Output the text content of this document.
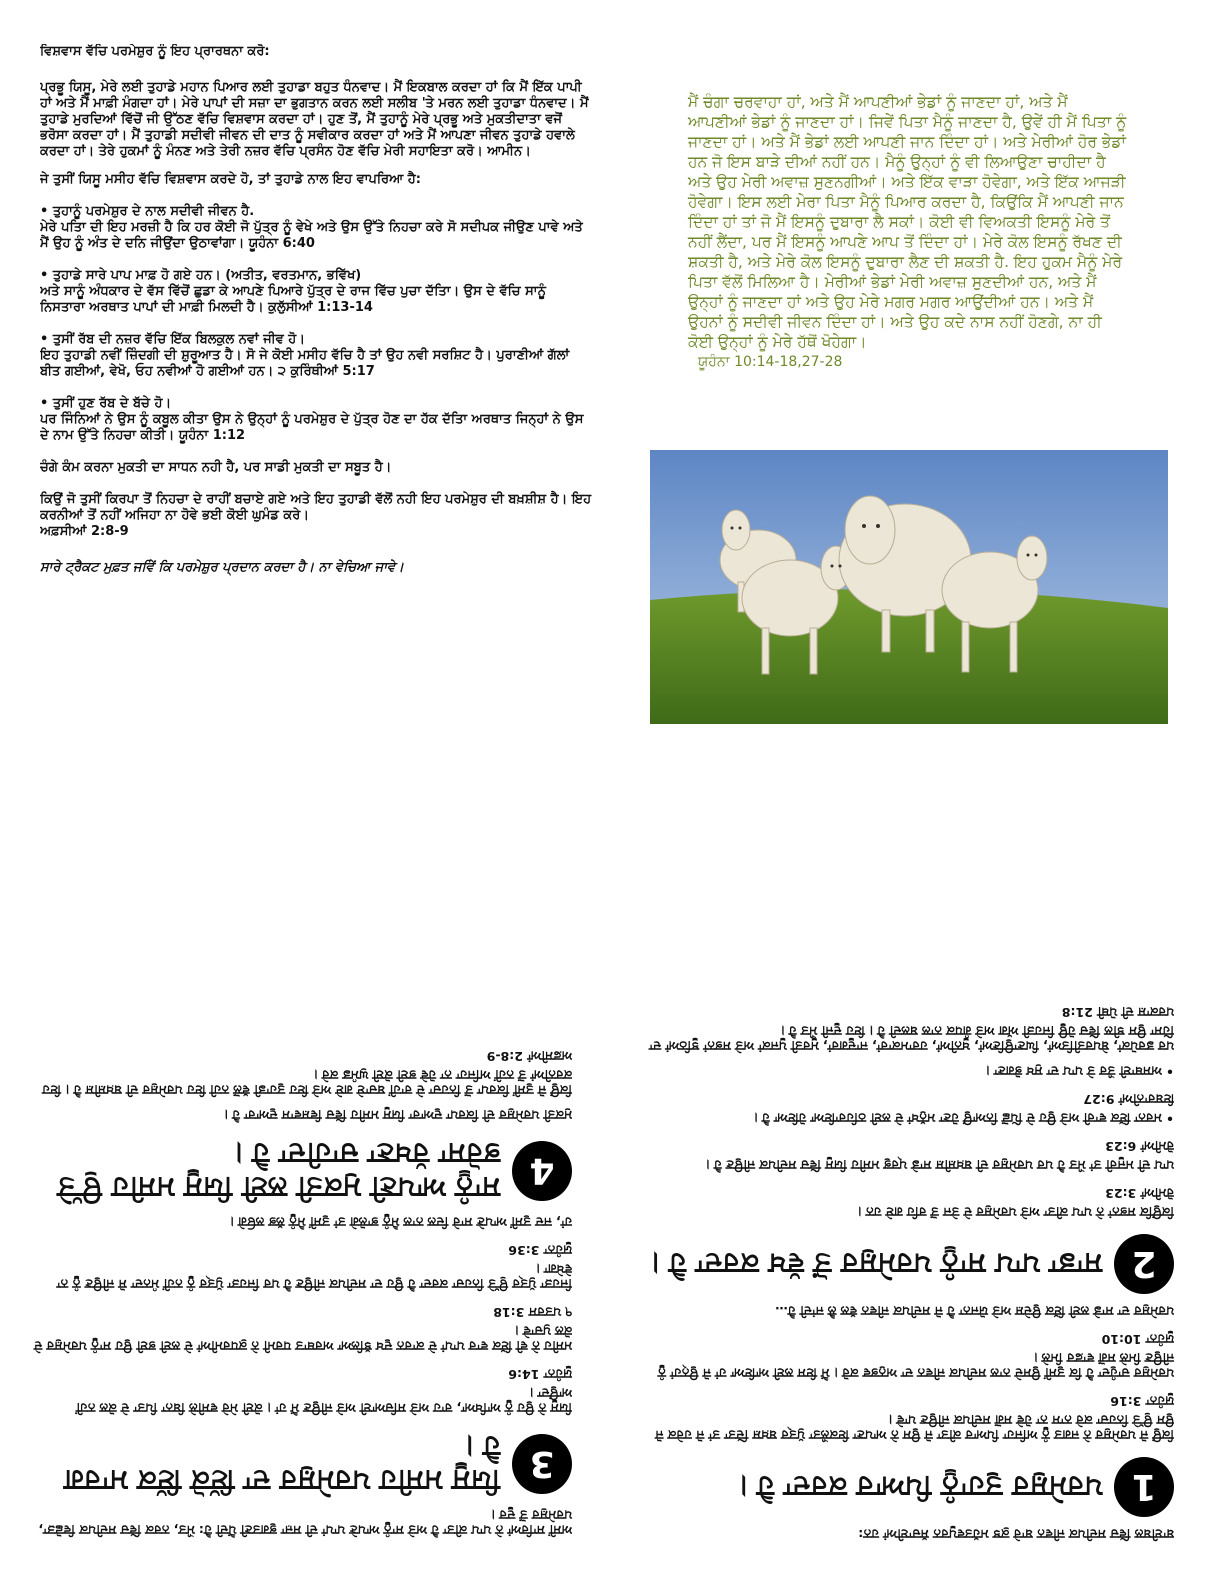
ਵਿਸ਼ਵਾਸ ਵੱਚਿ ਪਰਮੇਸ਼ੁਰ ਨੂੰ ਇਹ ਪ੍ਰਾਰਥਨਾ ਕਰੋ:

ਪ੍ਰਭੂ ਯਿਸੂ, ਮੇਰੇ ਲਈ ਤੁਹਾਡੇ ਮਹਾਨ ਪਿਆਰ ਲਈ ਤੁਹਾਡਾ ਬਹੁਤ ਧੰਨਵਾਦ। ਮੈਂ ਇਕਬਾਲ ਕਰਦਾ ਹਾਂ ਕਿ ਮੈਂ ਇੱਕ ਪਾਪੀ ਹਾਂ ਅਤੇ ਮੈਂ ਮਾਫ਼ੀ ਮੰਗਦਾ ਹਾਂ। ਮੇਰੇ ਪਾਪਾਂ ਦੀ ਸਜ਼ਾ ਦਾ ਭੁਗਤਾਨ ਕਰਨ ਲਈ ਸਲੀਬ 'ਤੇ ਮਰਨ ਲਈ ਤੁਹਾਡਾ ਧੰਨਵਾਦ। ਮੈਂ ਤੁਹਾਡੇ ਮੁਰਦਿਆਂ ਵਿੱਚੋਂ ਜੀ ਉੱਠਣ ਵੱਚਿ ਵਿਸ਼ਵਾਸ ਕਰਦਾ ਹਾਂ। ਹੁਣ ਤੋਂ, ਮੈਂ ਤੁਹਾਨੂੰ ਮੇਰੇ ਪ੍ਰਭੂ ਅਤੇ ਮੁਕਤੀਦਾਤਾ ਵਜੋਂ ਭਰੋਸਾ ਕਰਦਾ ਹਾਂ। ਮੈਂ ਤੁਹਾਡੀ ਸਦੀਵੀ ਜੀਵਨ ਦੀ ਦਾਤ ਨੂੰ ਸਵੀਕਾਰ ਕਰਦਾ ਹਾਂ ਅਤੇ ਮੈਂ ਆਪਣਾ ਜੀਵਨ ਤੁਹਾਡੇ ਹਵਾਲੇ ਕਰਦਾ ਹਾਂ। ਤੇਰੇ ਹੁਕਮਾਂ ਨੂੰ ਮੰਨਣ ਅਤੇ ਤੇਰੀ ਨਜ਼ਰ ਵੱਚਿ ਪ੍ਰਸੰਨ ਹੋਣ ਵੱਚਿ ਮੇਰੀ ਸਹਾਇਤਾ ਕਰੋ। ਆਮੀਨ।

ਜੇ ਤੁਸੀਂ ਯਿਸੂ ਮਸੀਹ ਵੱਚਿ ਵਿਸ਼ਵਾਸ ਕਰਦੇ ਹੋ, ਤਾਂ ਤੁਹਾਡੇ ਨਾਲ ਇਹ ਵਾਪਰਿਆ ਹੈ:

• ਤੁਹਾਨੂੰ ਪਰਮੇਸ਼ੁਰ ਦੇ ਨਾਲ ਸਦੀਵੀ ਜੀਵਨ ਹੈ.

ਮੇਰੇ ਪਤਿਾ ਦੀ ਇਹ ਮਰਜ਼ੀ ਹੈ ਕਿ ਹਰ ਕੋਈ ਜੋ ਪੁੱਤ੍ਰ ਨੂੰ ਵੇਖੇ ਅਤੇ ਉਸ ਉੱਤੇ ਨਿਹਚਾ ਕਰੇ ਸੋ ਸਦੀਪਕ ਜੀਉਣ ਪਾਵੇ ਅਤੇ ਮੈਂ ਉਹ ਨੂੰ ਅੰਤ ਦੇ ਦਨਿ ਜੀਉਂਦਾ ਉਠਾਵਾਂਗਾ। ਯੂਹੰਨਾ 6:40

• ਤੁਹਾਡੇ ਸਾਰੇ ਪਾਪ ਮਾਫ਼ ਹੋ ਗਏ ਹਨ। (ਅਤੀਤ, ਵਰਤਮਾਨ, ਭਵਿੱਖ)

ਅਤੇ ਸਾਨੂੰ ਅੰਧਕਾਰ ਦੇ ਵੱਸ ਵਿੱਚੋਂ ਛੁਡਾ ਕੇ ਆਪਣੇ ਪਿਆਰੇ ਪੁੱਤ੍ਰ ਦੇ ਰਾਜ ਵਿੱਚ ਪੁਚਾ ਦੱਤਿਾ। ਉਸ ਦੇ ਵੱਚਿ ਸਾਨੂੰ ਨਿਸਤਾਰਾ ਅਰਥਾਤ ਪਾਪਾਂ ਦੀ ਮਾਫ਼ੀ ਮਿਲਦੀ ਹੈ। ਕੁਲੁੱਸੀਆਂ 1:13-14

• ਤੁਸੀਂ ਰੱਬ ਦੀ ਨਜ਼ਰ ਵੱਚਿ ਇੱਕ ਬਿਲਕੁਲ ਨਵਾਂ ਜੀਵ ਹੋ।

ਇਹ ਤੁਹਾਡੀ ਨਵੀਂ ਜ਼ਿੰਦਗੀ ਦੀ ਸ਼ੁਰੂਆਤ ਹੈ। ਸੋ ਜੇ ਕੋਈ ਮਸੀਹ ਵੱਚਿ ਹੈ ਤਾਂ ਉਹ ਨਵੀ ਸਰਸ਼ਿਟ ਹੈ। ਪੁਰਾਣੀਆਂ ਗੱਲਾਂ ਬੀਤ ਗਈਆਂ, ਵੇਖੋ, ਓਹ ਨਵੀਆਂ ਹੋ ਗਈਆਂ ਹਨ। ੨ ਕੁਰਿੰਥੀਆਂ 5:17

• ਤੁਸੀਂ ਹੁਣ ਰੱਬ ਦੇ ਬੱਚੇ ਹੋ।

ਪਰ ਜਿੰਨਿਆਂ ਨੇ ਉਸ ਨੂੰ ਕਬੂਲ ਕੀਤਾ ਉਸ ਨੇ ਉਨ੍ਹਾਂ ਨੂੰ ਪਰਮੇਸ਼ੁਰ ਦੇ ਪੁੱਤ੍ਰ ਹੋਣ ਦਾ ਹੱਕ ਦੱਤਿਾ ਅਰਥਾਤ ਜਿਨ੍ਹਾਂ ਨੇ ਉਸ ਦੇ ਨਾਮ ਉੱਤੇ ਨਿਹਚਾ ਕੀਤੀ। ਯੂਹੰਨਾ 1:12

ਚੰਗੇ ਕੰਮ ਕਰਨਾ ਮੁਕਤੀ ਦਾ ਸਾਧਨ ਨਹੀ ਹੈ, ਪਰ ਸਾਡੀ ਮੁਕਤੀ ਦਾ ਸਬੂਤ ਹੈ।

ਕਿਉਂ ਜੋ ਤੁਸੀਂ ਕਿਰਪਾ ਤੋਂ ਨਿਹਚਾ ਦੇ ਰਾਹੀਂ ਬਚਾਏ ਗਏ ਅਤੇ ਇਹ ਤੁਹਾਡੀ ਵੱਲੋਂ ਨਹੀ ਇਹ ਪਰਮੇਸ਼ੁਰ ਦੀ ਬਖ਼ਸ਼ੀਸ਼ ਹੈ। ਇਹ ਕਰਨੀਆਂ ਤੋਂ ਨਹੀਂ ਅਜਿਹਾ ਨਾ ਹੋਵੇ ਭਈ ਕੋਈ ਘੁਮੰਡ ਕਰੇ।

ਅਫ਼ਸੀਆਂ 2:8-9

ਸਾਰੇ ਟ੍ਰੈਕਟ ਮੁਫ਼ਤ ਜਵਿੇਂ ਕਿ ਪਰਮੇਸ਼ੁਰ ਪ੍ਰਦਾਨ ਕਰਦਾ ਹੈ। ਨਾ ਵੇਚਿਆ ਜਾਵੇ।

ਮੈਂ ਚੰਗਾ ਚਰਵਾਹਾ ਹਾਂ, ਅਤੇ ਮੈਂ ਆਪਣੀਆਂ ਭੇਡਾਂ ਨੂੰ ਜਾਣਦਾ ਹਾਂ, ਅਤੇ ਮੈਂ ਆਪਣੀਆਂ ਭੇਡਾਂ ਨੂੰ ਜਾਣਦਾ ਹਾਂ। ਜਿਵੇਂ ਪਿਤਾ ਮੈਨੂੰ ਜਾਣਦਾ ਹੈ, ਉਵੇਂ ਹੀ ਮੈਂ ਪਿਤਾ ਨੂੰ ਜਾਣਦਾ ਹਾਂ। ਅਤੇ ਮੈਂ ਭੇਡਾਂ ਲਈ ਆਪਣੀ ਜਾਨ ਦਿੰਦਾ ਹਾਂ। ਅਤੇ ਮੇਰੀਆਂ ਹੋਰ ਭੇਡਾਂ ਹਨ ਜੋ ਇਸ ਬਾੜੇ ਦੀਆਂ ਨਹੀਂ ਹਨ। ਮੈਨੂੰ ਉਨ੍ਹਾਂ ਨੂੰ ਵੀ ਲਿਆਉਣਾ ਚਾਹੀਦਾ ਹੈ ਅਤੇ ਉਹ ਮੇਰੀ ਅਵਾਜ਼ ਸੁਣਨਗੀਆਂ। ਅਤੇ ਇੱਕ ਵਾੜਾ ਹੋਵੇਗਾ, ਅਤੇ ਇੱਕ ਆਜੜੀ ਹੋਵੇਗਾ। ਇਸ ਲਈ ਮੇਰਾ ਪਿਤਾ ਮੈਨੂੰ ਪਿਆਰ ਕਰਦਾ ਹੈ, ਕਿਉਂਕਿ ਮੈਂ ਆਪਣੀ ਜਾਨ ਦਿੰਦਾ ਹਾਂ ਤਾਂ ਜੋ ਮੈਂ ਇਸਨੂੰ ਦੁਬਾਰਾ ਲੈ ਸਕਾਂ। ਕੋਈ ਵੀ ਵਿਅਕਤੀ ਇਸਨੂੰ ਮੇਰੇ ਤੋਂ ਨਹੀਂ ਲੈਂਦਾ, ਪਰ ਮੈਂ ਇਸਨੂੰ ਆਪਣੇ ਆਪ ਤੋਂ ਦਿੰਦਾ ਹਾਂ। ਮੇਰੇ ਕੋਲ ਇਸਨੂੰ ਰੱਖਣ ਦੀ ਸ਼ਕਤੀ ਹੈ, ਅਤੇ ਮੇਰੇ ਕੋਲ ਇਸਨੂੰ ਦੁਬਾਰਾ ਲੈਣ ਦੀ ਸ਼ਕਤੀ ਹੈ. ਇਹ ਹੁਕਮ ਮੈਨੂੰ ਮੇਰੇ ਪਿਤਾ ਵੱਲੋਂ ਮਿਲਿਆ ਹੈ। ਮੇਰੀਆਂ ਭੇਡਾਂ ਮੇਰੀ ਅਵਾਜ਼ ਸੁਣਦੀਆਂ ਹਨ, ਅਤੇ ਮੈਂ ਉਨ੍ਹਾਂ ਨੂੰ ਜਾਣਦਾ ਹਾਂ ਅਤੇ ਉਹ ਮੇਰੇ ਮਗਰ ਮਗਰ ਆਉਂਦੀਆਂ ਹਨ। ਅਤੇ ਮੈਂ ਉਹਨਾਂ ਨੂੰ ਸਦੀਵੀ ਜੀਵਨ ਦਿੰਦਾ ਹਾਂ। ਅਤੇ ਉਹ ਕਦੇ ਨਾਸ ਨਹੀਂ ਹੋਣਗੇ, ਨਾ ਹੀ ਕੋਈ ਉਨ੍ਹਾਂ ਨੂੰ ਮੇਰੇ ਹੱਥੋਂ ਖੋਹੇਗਾ।

ਯੂਹੰਨਾ 10:14-18,27-28

ਅਸੀਂ ਸਾਰਿਆਂ ਨੇ ਪਾਪ ਕੀਤਾ ਹੈ ਅਤੇ ਸਾਨੂੰ ਆਪਣੇ ਪਾਪਾਂ ਦੀ ਸਜ਼ਾ ਭੁਗਤਣੀ ਪੈਂਦੀ ਹੈ: ਮੌਤ, ਨਰਕ ਵਿੱਚ ਸਦੀਪਕ ਵਿਛੋੜਾ, ਪਰਮੇਸ਼ੁਰ ਤੋਂ ਦੂਰ।

3
ਯਿਸੂ ਮਸੀਹ ਪਰਮੇਸ਼ੁਰ ਦਾ ਇੱਕੋ ਇੱਕ ਮਾਰਗ ਹੈ।

ਯਿਸੂ ਨੇ ਉਹ ਨੂੰ ਆਖਿਆ, ਰਾਹ ਅਤੇ ਸਚਿਆਈ ਅਤੇ ਜੀਉਣ ਮੈਂ ਹਾਂ। ਕੋਈ ਮੇਰੇ ਵਸੀਲੇ ਬਿਨਾ ਪਿਤਾ ਦੇ ਕੋਲ ਨਹੀਂ ਆਉਂਦਾ।

ਯੂਹੰਨਾ 14:6

ਮਸੀਹ ਨੇ ਵੀ ਇੱਕ ਵਾਰ ਪਾਪਾਂ ਦੇ ਕਾਰਨ ਦੁਖ ਝੱਲਿਆ ਅਰਥਾਤ ਧਰਮੀ ਨੇ ਕੁਧਰਮੀਆਂ ਦੇ ਲਈ ਭਈ ਉਹ ਸਾਨੂੰ ਪਰਮੇਸ਼ੁਰ ਦੇ ਕੋਲ ਪੁਚਾਵੇ।

੧ ਪਤਰਸ 3:18

ਜਿਹੜਾ ਪੁੱਤ੍ਰ ਉੱਤੇ ਨਿਹਚਾ ਕਰਦਾ ਹੈ ਉਹ ਦਾ ਸਦੀਪਕ ਜੀਉਣ ਹੈ ਪਰ ਜਿਹੜਾ ਪੁੱਤ੍ਰ ਨੂੰ ਨਹੀਂ ਮੰਨਦਾ ਸੋ ਜੀਉਣ ਨੂੰ ਨਾ ਵੇਖੇਗਾ।

ਯੂਹੰਨਾ 3:36

ਹਾਂ, ਜਦ ਤੁਸੀਂ ਆਪਣੇ ਸਾਰੇ ਦਿਲ ਨਾਲ ਮੈਨੂੰ ਭਾਲੋਗੇ ਤਾਂ ਤੁਸੀਂ ਮੈਨੂੰ ਲੱਭ ਲਓਗੇ।

4
ਸਾਨੂੰ ਆਪਣੀ ਮੁਕਤੀ ਲਈ ਯਿਸੂ ਮਸੀਹ ਉੱਤੇ ਭਰੋਸਾ ਰੱਖਣਾ ਚਾਹੀਦਾ ਹੈ।

ਮੁਕਤੀ ਪਰਮੇਸ਼ੁਰ ਦੀ ਕਿਰਪਾ ਦੁਆਰਾ ਯਿਸੂ ਮਸੀਹ ਵਿੱਚ ਵਿਸ਼ਵਾਸ ਦੁਆਰਾ ਹੈ।

ਕਿਉਂ ਜੋ ਤੁਸੀਂ ਕਿਰਪਾ ਤੋਂ ਨਿਹਚਾ ਦੇ ਰਾਹੀਂ ਬਚਾਏ ਗਏ ਅਤੇ ਇਹ ਤੁਹਾਡੀ ਵੱਲੋਂ ਨਹੀ ਇਹ ਪਰਮੇਸ਼ੁਰ ਦੀ ਬਖ਼ਸ਼ੀਸ਼ ਹੈ। ਇਹ ਕਰਨੀਆਂ ਤੋਂ ਨਹੀਂ ਅਜਿਹਾ ਨਾ ਹੋਵੇ ਭਈ ਕੋਈ ਘੁਮੰਡ ਕਰੇ।

ਅਫ਼ਸੀਆਂ 2:8-9

ਬਾਈਬਲ ਵਿੱਚ ਸਦੀਪਕ ਜੀਵਨ ਬਾਰੇ ਕੁਝ ਮਹੱਤਵਪੂਰਨ ਸੱਚਾਈਆਂ ਹਨ:

1
ਪਰਮੇਸ਼ੁਰ ਤੁਹਾਨੂੰ ਪਿਆਰ ਕਰਦਾ ਹੈ।

ਕਿਉਂ ਜੋ ਪਰਮੇਸ਼ੁਰ ਨੇ ਜਗਤ ਨੂੰ ਅਜਿਹਾ ਪਿਆਰ ਕੀਤਾ ਜੋ ਉਸ ਨੇ ਆਪਣਾ ਇਕਲੌਤਾ ਪੁੱਤ੍ਰ ਬਖ਼ਸ਼ ਦਿੱਤਾ ਤਾਂ ਜੋ ਹਰੇਕ ਜੋ ਉਸ ਉੱਤੇ ਨਿਹਚਾ ਕਰੇ ਨਾਸ ਨਾ ਹੋਵੇ ਸਗੋਂ ਸਦੀਪਕ ਜੀਉਣ ਪਾਵੇ।

ਯੂਹੰਨਾ 3:16

ਪਰਮੇਸ਼ੁਰ ਚਾਹੁੰਦਾ ਹੈ ਕਿ ਤੁਸੀਂ ਉਸਦੇ ਨਾਲ ਸਦੀਪਕ ਜੀਵਨ ਦਾ ਅਨੁਭਵ ਕਰੋ। ਮੈਂ ਇਸ ਲਈ ਆਇਆ ਹਾਂ ਜੋ ਉਨ੍ਹਾਂ ਨੂੰ ਜੀਉਣ ਮਿਲੇ ਸਗੋਂ ਵਾਫ਼ਰ ਮਿਲੇ।

ਯੂਹੰਨਾ 10:10

ਪਰਮੇਸ਼ੁਰ ਦਾ ਸਾਡੇ ਲਈ ਇੱਕ ਉਦੇਸ਼ ਅਤੇ ਯੋਜਨਾ ਹੈ ਜੋ ਸਦੀਪਕ ਜੀਵਨ ਵੱਲ ਲੈ ਜਾਂਦੀ ਹੈ…

2
ਸਾਡਾ ਪਾਪ ਸਾਨੂੰ ਪਰਮੇਸ਼ੁਰ ਤੋਂ ਵੱਖ ਕਰਦਾ ਹੈ।

ਕਿਉਂਕਿ ਸਭਨਾਂ ਨੇ ਪਾਪ ਕੀਤਾ ਅਤੇ ਪਰਮੇਸ਼ੁਰ ਦੇ ਤੇਜ ਤੋਂ ਰਹਿ ਗਏ ਹਨ।

ਰੋਮੀਆਂ 3:23

ਪਾਪ ਦੀ ਮਜੂਰੀ ਤਾਂ ਮੌਤ ਹੈ ਪਰ ਪਰਮੇਸ਼ੁਰ ਦੀ ਬਖ਼ਸ਼ੀਸ਼ ਸਾਡੇ ਪ੍ਰਭੁ ਮਸੀਹ ਯਿਸੂ ਵਿੱਚ ਸਦੀਪਕ ਜੀਉਣ ਹੈ।

ਰੋਮੀਆਂ 6:23

• ਮਰਨਾ ਇੱਕ ਵਾਰੀ ਅਤੇ ਉਹ ਦੇ ਪਿੱਛੋਂ ਨਿਆਉਂ ਹੋਣਾ ਮਨੁੱਖਾਂ ਦੇ ਲਈ ਠਹਿਰਾਇਆ ਹੋਇਆ ਹੈ।

ਇਬਰਾਨੀਆਂ 9:27

• ਅਸਥਾਈ ਤੌਰ ਤੇ ਪਾਪ ਦਾ ਸੁਖ ਭੋਗਣਾ।

ਪਰ ਡਰਪੋਕਾਂ, ਬੇਪਰਤੀਤਿਆਂ, ਘਿਣਾਉਣਿਆਂ, ਖੂਨੀਆਂ, ਹਰਾਮਕਾਰਾਂ, ਜਾਦੂਗਰਾਂ, ਮੂਰਤੀ ਪੂਜਕਾਂ ਅਤੇ ਸਭਨਾਂ ਝੂਠਿਆਂ ਦਾ ਹਿੱਸਾ ਉਸ ਝੀਲ ਵਿੱਚ ਹੋਊ ਜਿਹੜੀ ਅੱਗ ਅਤੇ ਗੰਧਕ ਨਾਲ ਬਲਦੀ ਹੈ। ਇਹ ਦੂਜੀ ਮੌਤ ਹੈ।

ਪਰਕਾਸ਼ ਦੀ ਪੋਥੀ 21:8
